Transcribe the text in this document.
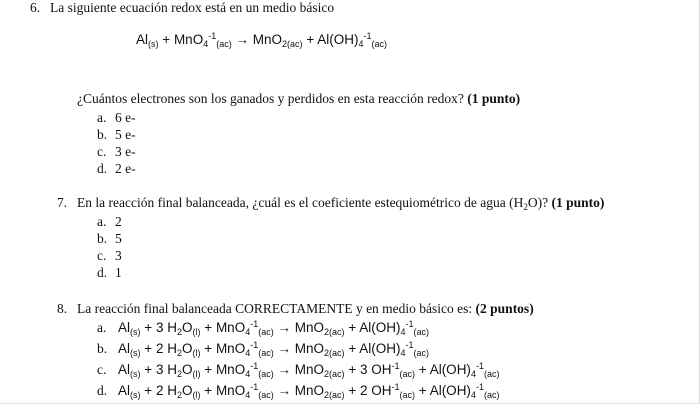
6. La siguiente ecuación redox está en un medio básico
$Al_{(s)} + MnO_4^{-1}_{(ac)} \to MnO_{2(ac)} + Al(OH)_4^{-1}_{(ac)}$
¿Cuántos electrones son los ganados y perdidos en esta reacción redox? (1 punto)
a. 6 e-
b. 5 e-
c. 3 e-
d. 2 e-
7. En la reacción final balanceada, ¿cuál es el coeficiente estequiométrico de agua $(H_2O)$? (1 punto)
a. 2
b. 5
c. 3
d. 1
8. La reacción final balanceada CORRECTAMENTE y en medio básico es: (2 puntos)
a. $Al_{(s)} + 3$ $H_2O_{(l)} + MnO_4^{-1}_{(ac)} \to MnO_{2(ac)} + Al(OH)_4^{-1}_{(ac)}$
b. $Al_{(s)} + 2$ $H_2O_{(l)} + MnO_4^{-1}_{(ac)} \to MnO_{2(ac)} + Al(OH)_4^{-1}_{(ac)}$
c. $Al_{(s)} + 3$ $H_2O_{(l)} + MnO_4^{-1}_{(ac)} \to MnO_{2(ac)} + 3$ $OH^{-1}_{(ac)} + Al(OH)_4^{-1}_{(ac)}$
d. $Al_{(s)} + 2$ $H_2O_{(l)} + MnO_4^{-1}_{(ac)} \to MnO_{2(ac)} + 2$ $OH^{-1}_{(ac)} + Al(OH)_4^{-1}_{(ac)}$
